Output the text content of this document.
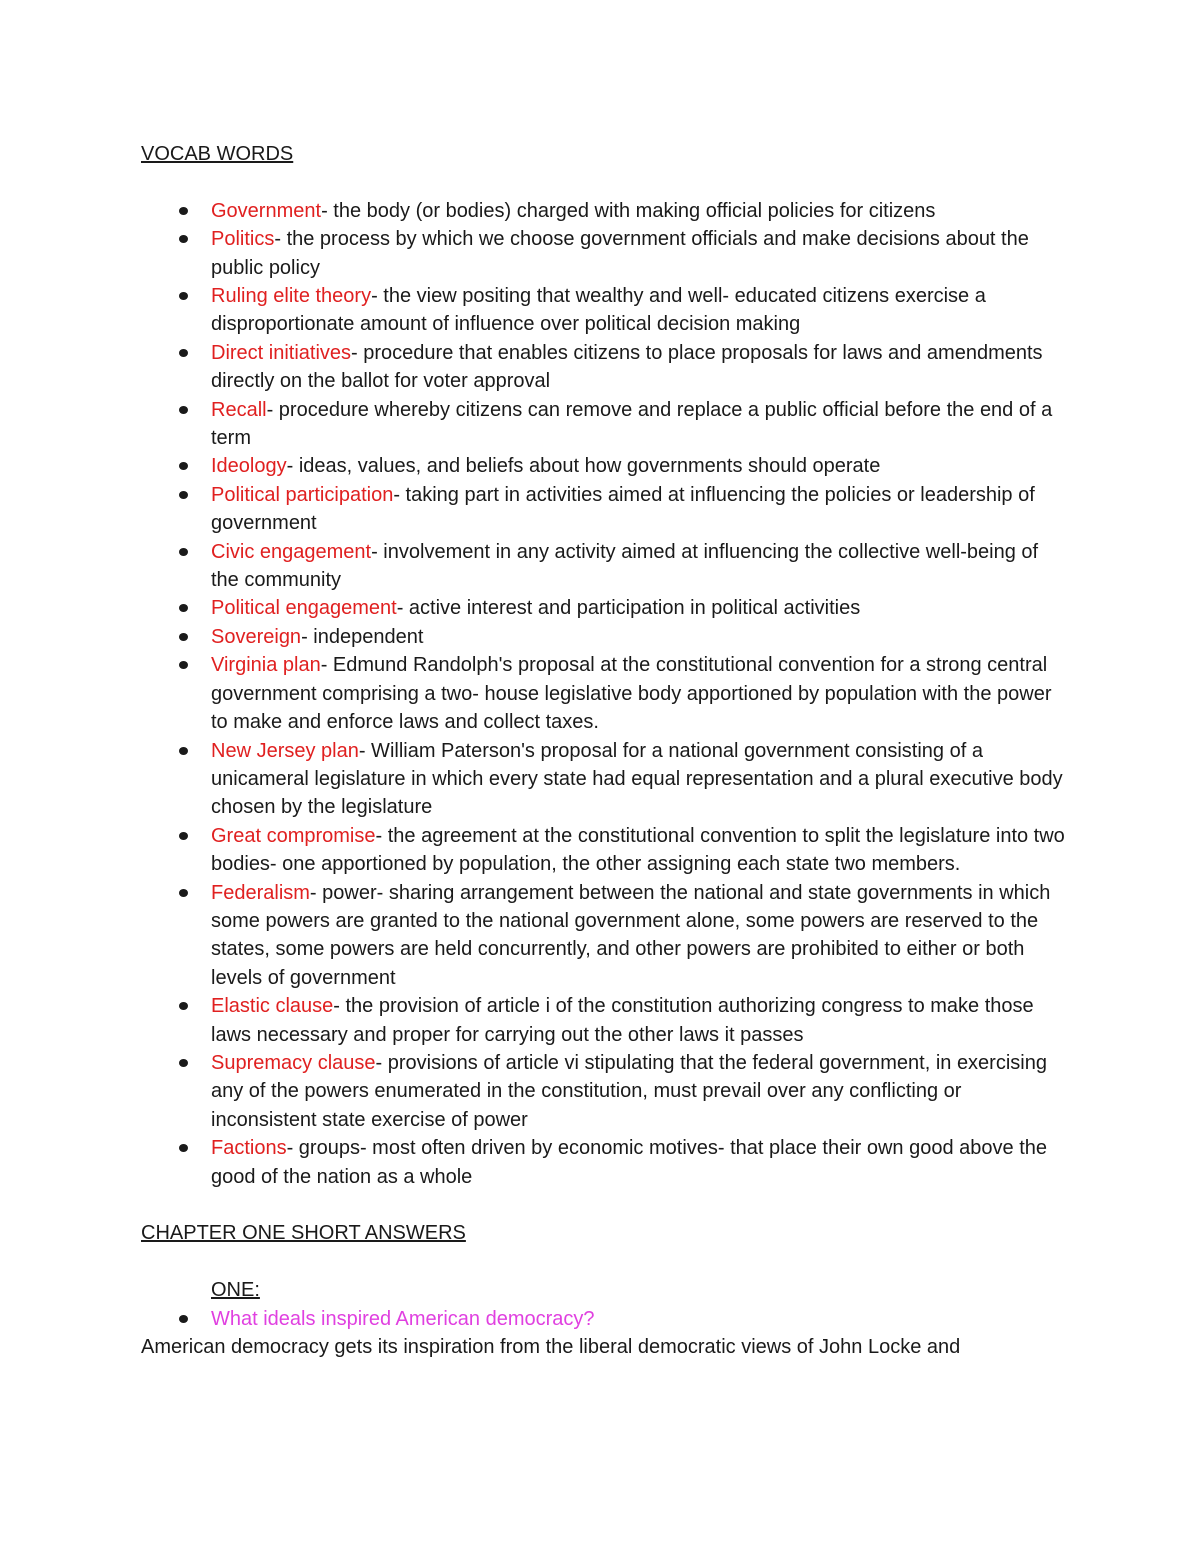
VOCAB WORDS

Government- the body (or bodies) charged with making official policies for citizens
Politics- the process by which we choose government officials and make decisions about the public policy
Ruling elite theory- the view positing that wealthy and well- educated citizens exercise a disproportionate amount of influence over political decision making
Direct initiatives- procedure that enables citizens to place proposals for laws and amendments directly on the ballot for voter approval
Recall- procedure whereby citizens can remove and replace a public official before the end of a term
Ideology- ideas, values, and beliefs about how governments should operate
Political participation- taking part in activities aimed at influencing the policies or leadership of government
Civic engagement- involvement in any activity aimed at influencing the collective well-being of the community
Political engagement- active interest and participation in political activities
Sovereign- independent
Virginia plan- Edmund Randolph's proposal at the constitutional convention for a strong central government comprising a two- house legislative body apportioned by population with the power to make and enforce laws and collect taxes.
New Jersey plan- William Paterson's proposal for a national government consisting of a unicameral legislature in which every state had equal representation and a plural executive body chosen by the legislature
Great compromise- the agreement at the constitutional convention to split the legislature into two bodies- one apportioned by population, the other assigning each state two members.
Federalism- power- sharing arrangement between the national and state governments in which some powers are granted to the national government alone, some powers are reserved to the states, some powers are held concurrently, and other powers are prohibited to either or both levels of government
Elastic clause- the provision of article i of the constitution authorizing congress to make those laws necessary and proper for carrying out the other laws it passes
Supremacy clause- provisions of article vi stipulating that the federal government, in exercising any of the powers enumerated in the constitution, must prevail over any conflicting or inconsistent state exercise of power
Factions- groups- most often driven by economic motives- that place their own good above the good of the nation as a whole

CHAPTER ONE SHORT ANSWERS

ONE:
What ideals inspired American democracy?

American democracy gets its inspiration from the liberal democratic views of John Locke and
